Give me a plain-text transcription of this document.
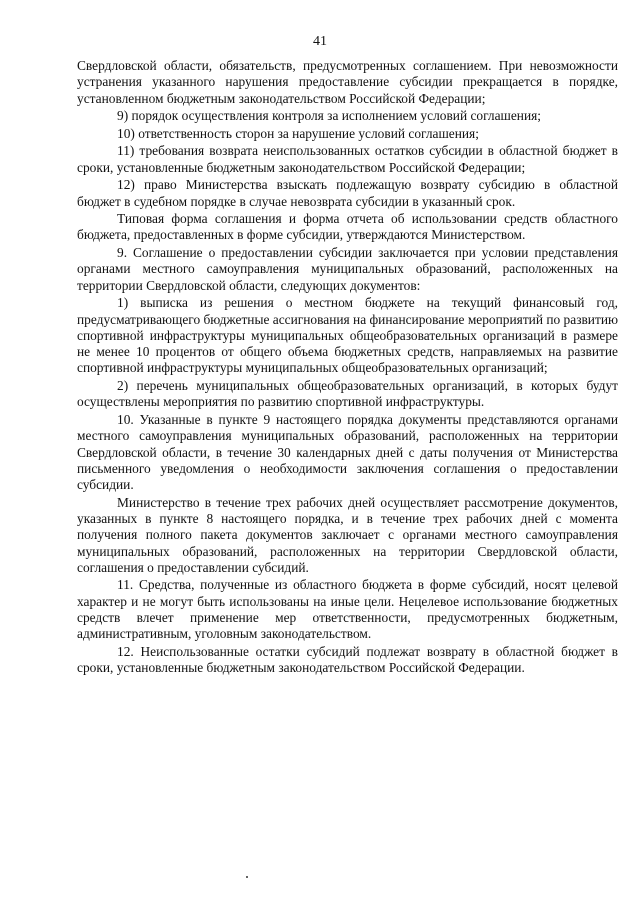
41

Свердловской области, обязательств, предусмотренных соглашением. При невозможности устранения указанного нарушения предоставление субсидии прекращается в порядке, установленном бюджетным законодательством Российской Федерации;

9) порядок осуществления контроля за исполнением условий соглашения;

10) ответственность сторон за нарушение условий соглашения;

11) требования возврата неиспользованных остатков субсидии в областной бюджет в сроки, установленные бюджетным законодательством Российской Федерации;

12) право Министерства взыскать подлежащую возврату субсидию в областной бюджет в судебном порядке в случае невозврата субсидии в указанный срок.

Типовая форма соглашения и форма отчета об использовании средств областного бюджета, предоставленных в форме субсидии, утверждаются Министерством.

9. Соглашение о предоставлении субсидии заключается при условии представления органами местного самоуправления муниципальных образований, расположенных на территории Свердловской области, следующих документов:

1) выписка из решения о местном бюджете на текущий финансовый год, предусматривающего бюджетные ассигнования на финансирование мероприятий по развитию спортивной инфраструктуры муниципальных общеобразовательных организаций в размере не менее 10 процентов от общего объема бюджетных средств, направляемых на развитие спортивной инфраструктуры муниципальных общеобразовательных организаций;

2) перечень муниципальных общеобразовательных организаций, в которых будут осуществлены мероприятия по развитию спортивной инфраструктуры.

10. Указанные в пункте 9 настоящего порядка документы представляются органами местного самоуправления муниципальных образований, расположенных на территории Свердловской области, в течение 30 календарных дней с даты получения от Министерства письменного уведомления о необходимости заключения соглашения о предоставлении субсидии.

Министерство в течение трех рабочих дней осуществляет рассмотрение документов, указанных в пункте 8 настоящего порядка, и в течение трех рабочих дней с момента получения полного пакета документов заключает с органами местного самоуправления муниципальных образований, расположенных на территории Свердловской области, соглашения о предоставлении субсидий.

11. Средства, полученные из областного бюджета в форме субсидий, носят целевой характер и не могут быть использованы на иные цели. Нецелевое использование бюджетных средств влечет применение мер ответственности, предусмотренных бюджетным, административным, уголовным законодательством.

12. Неиспользованные остатки субсидий подлежат возврату в областной бюджет в сроки, установленные бюджетным законодательством Российской Федерации.
